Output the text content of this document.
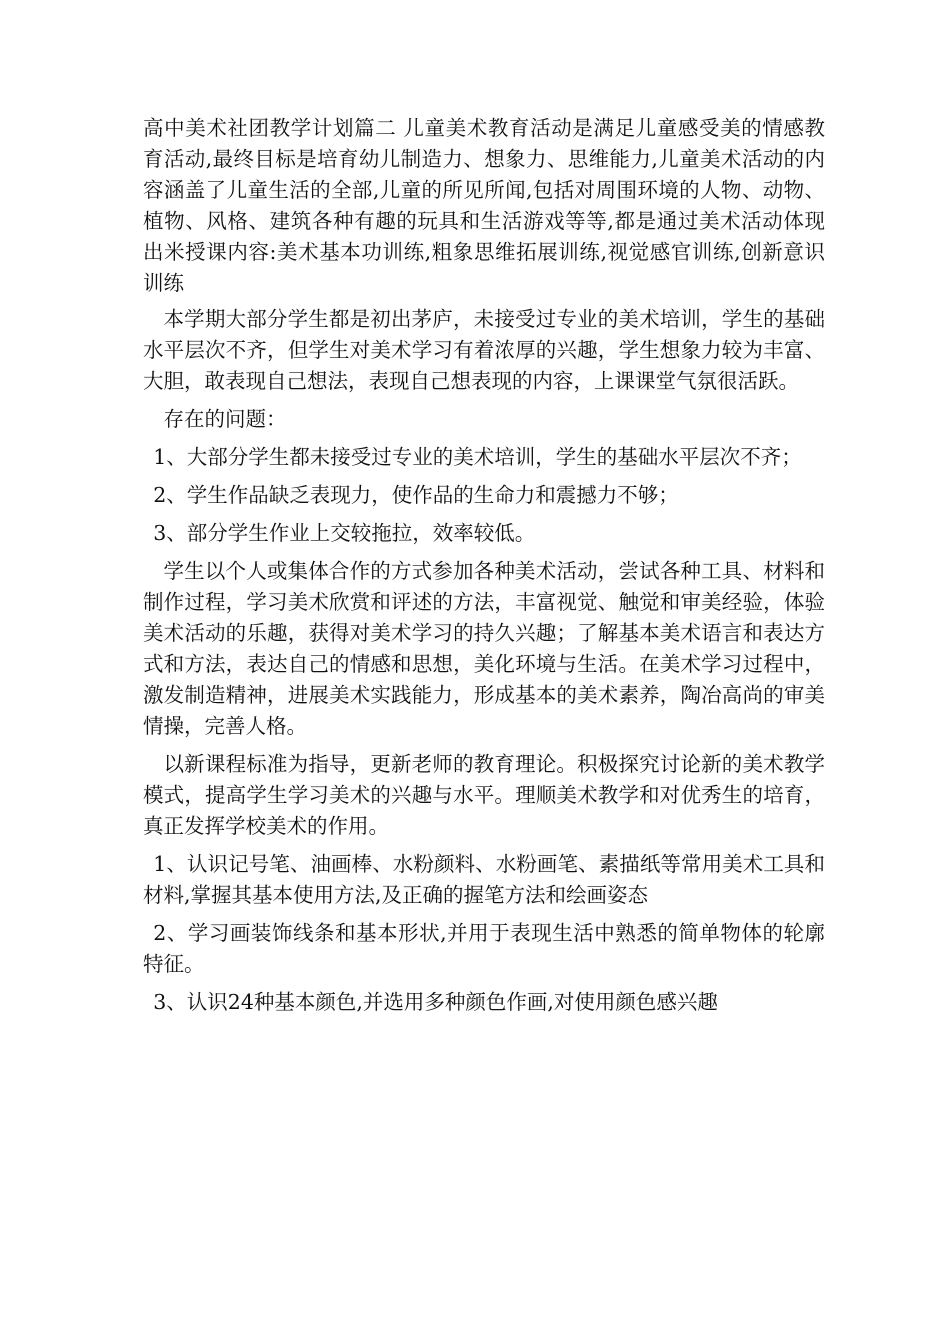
高中美术社团教学计划篇二 儿童美术教育活动是满足儿童感受美的情感教育活动,最终目标是培育幼儿制造力、想象力、思维能力,儿童美术活动的内容涵盖了儿童生活的全部,儿童的所见所闻,包括对周围环境的人物、动物、植物、风格、建筑各种有趣的玩具和生活游戏等等,都是通过美术活动体现出米授课内容:美术基本功训练,粗象思维拓展训练,视觉感官训练,创新意识训练

本学期大部分学生都是初出茅庐，未接受过专业的美术培训，学生的基础水平层次不齐，但学生对美术学习有着浓厚的兴趣，学生想象力较为丰富、大胆，敢表现自己想法，表现自己想表现的内容，上课课堂气氛很活跃。

存在的问题：

1、大部分学生都未接受过专业的美术培训，学生的基础水平层次不齐；

2、学生作品缺乏表现力，使作品的生命力和震撼力不够；

3、部分学生作业上交较拖拉，效率较低。

学生以个人或集体合作的方式参加各种美术活动，尝试各种工具、材料和制作过程，学习美术欣赏和评述的方法，丰富视觉、触觉和审美经验，体验美术活动的乐趣，获得对美术学习的持久兴趣；了解基本美术语言和表达方式和方法，表达自己的情感和思想，美化环境与生活。在美术学习过程中，激发制造精神，进展美术实践能力，形成基本的美术素养，陶冶高尚的审美情操，完善人格。

以新课程标准为指导，更新老师的教育理论。积极探究讨论新的美术教学模式，提高学生学习美术的兴趣与水平。理顺美术教学和对优秀生的培育，真正发挥学校美术的作用。

1、认识记号笔、油画棒、水粉颜料、水粉画笔、素描纸等常用美术工具和材料,掌握其基本使用方法,及正确的握笔方法和绘画姿态

2、学习画装饰线条和基本形状,并用于表现生活中熟悉的简单物体的轮廓特征。

3、认识24种基本颜色,并选用多种颜色作画,对使用颜色感兴趣
